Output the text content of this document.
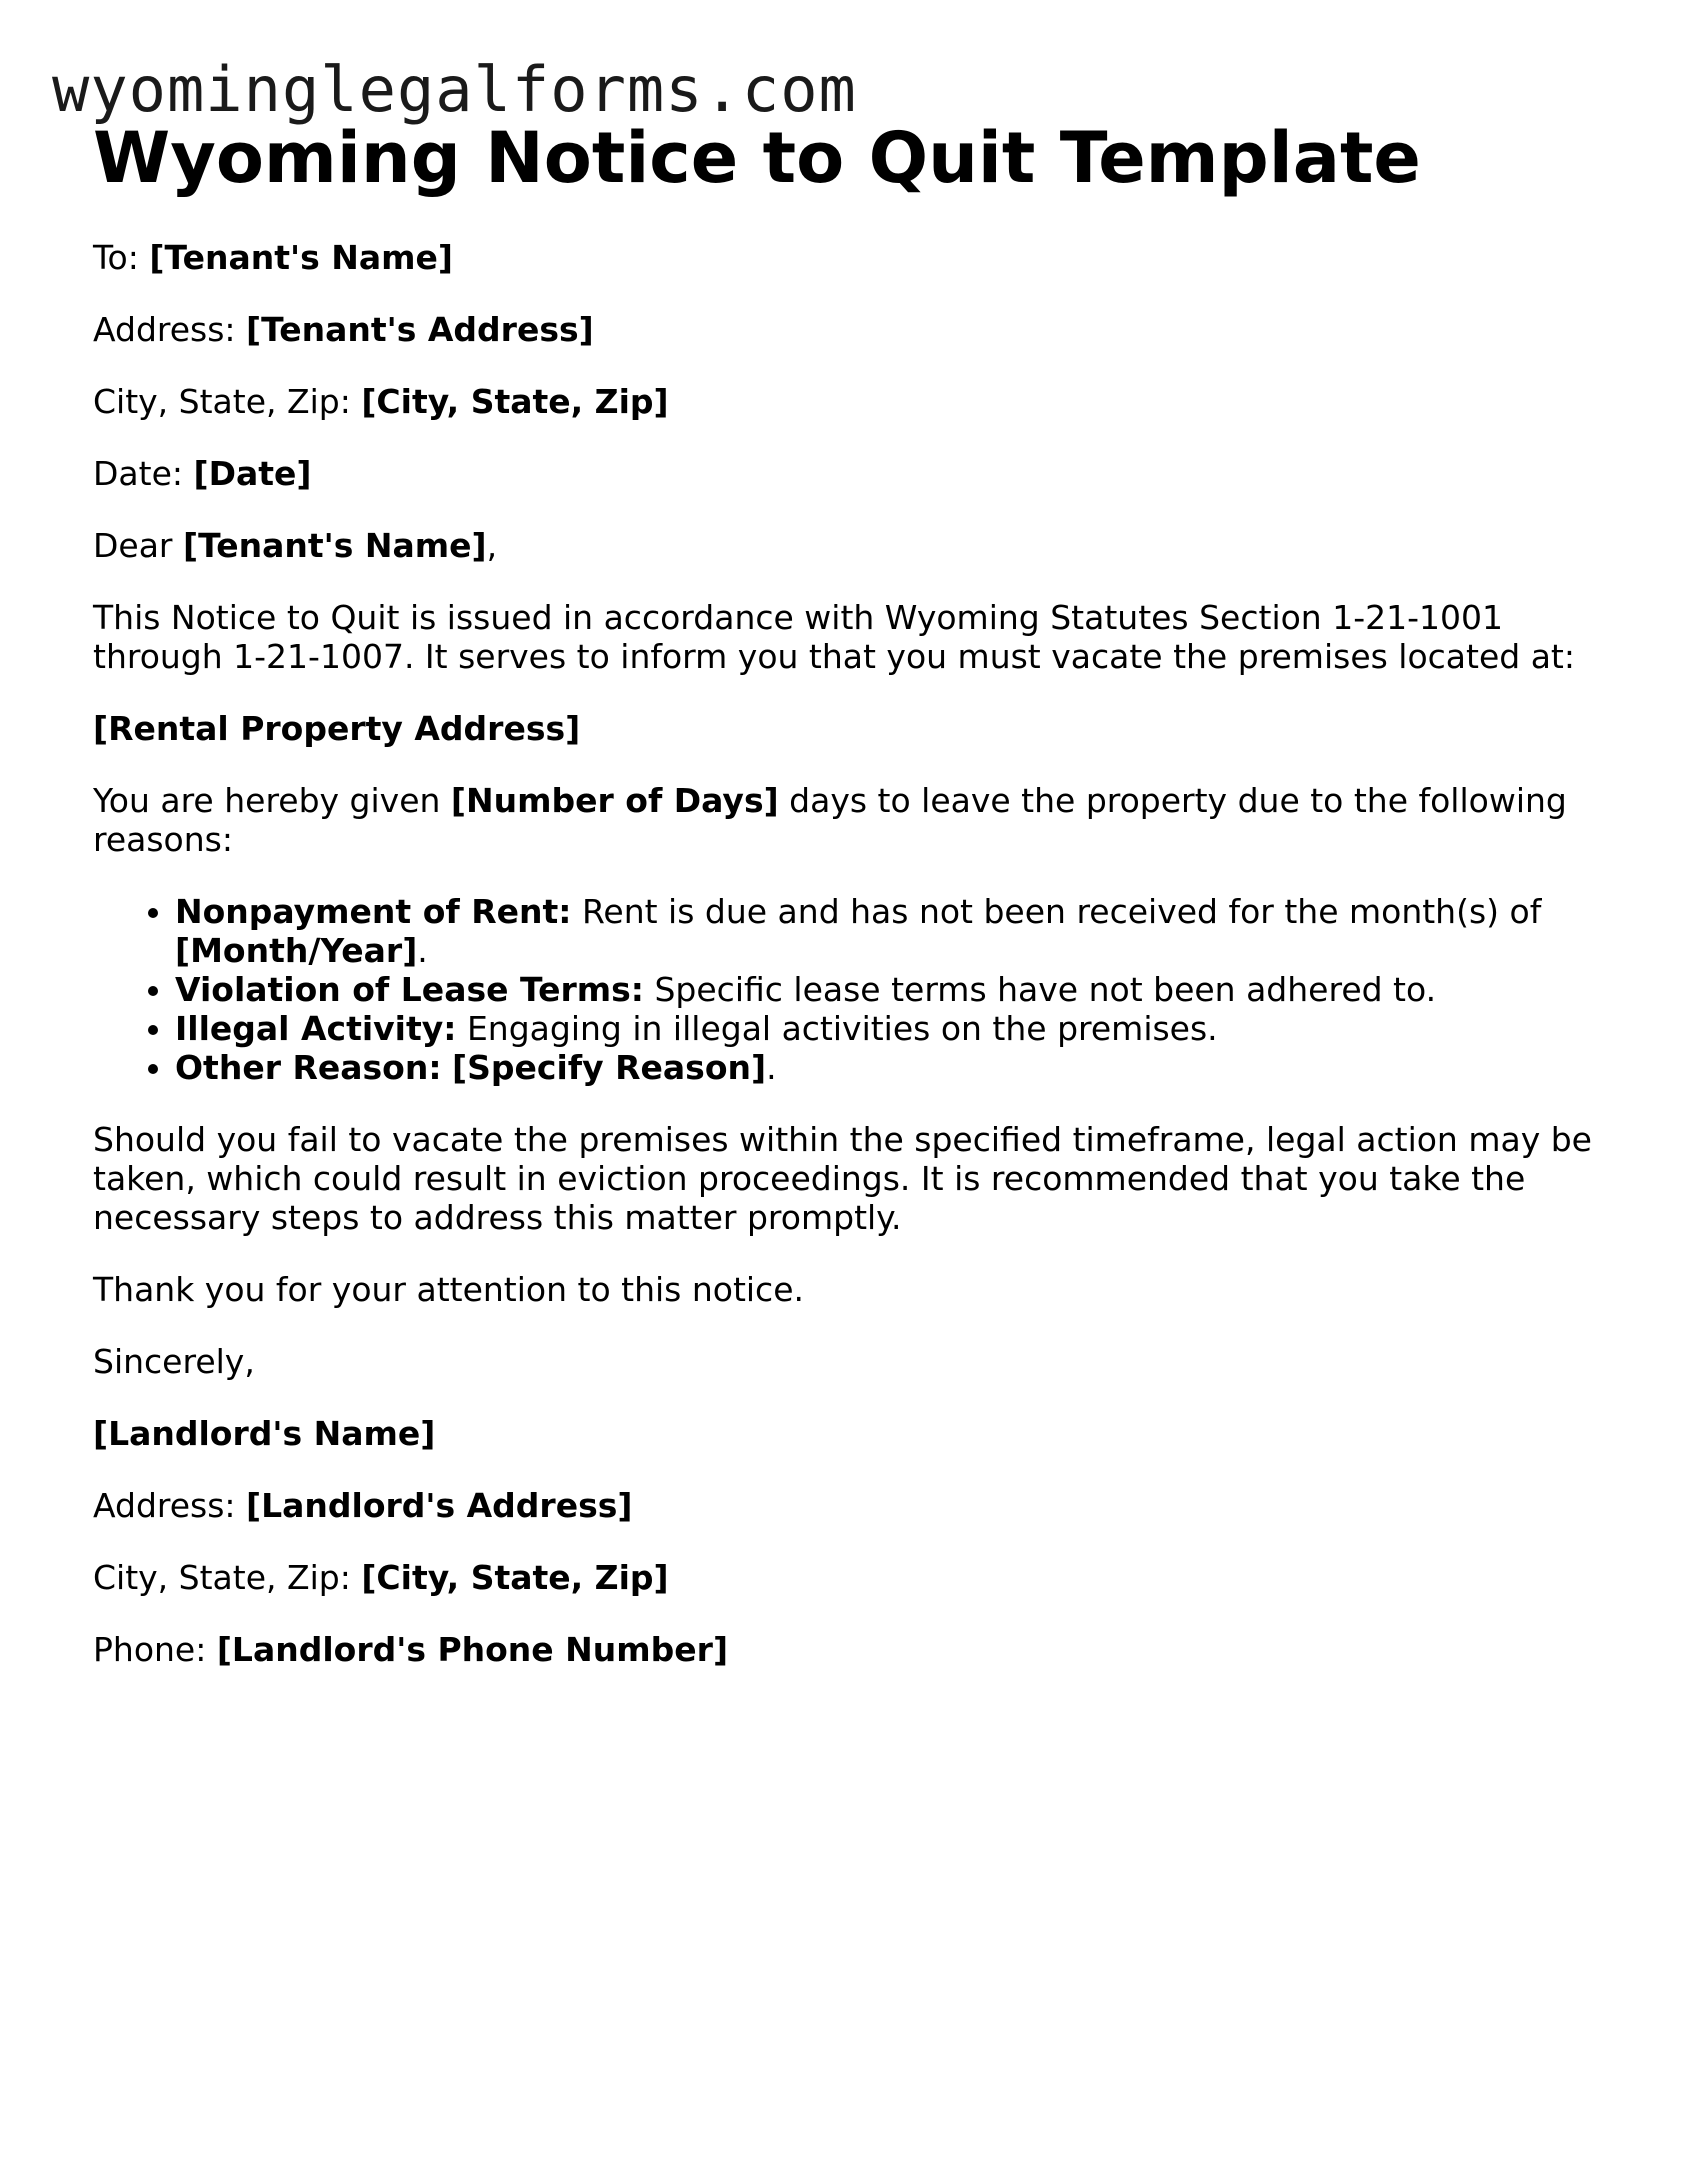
wyominglegalforms.com
Wyoming Notice to Quit Template

To: [Tenant's Name]

Address: [Tenant's Address]

City, State, Zip: [City, State, Zip]

Date: [Date]

Dear [Tenant's Name],

This Notice to Quit is issued in accordance with Wyoming Statutes Section 1-21-1001 through 1-21-1007. It serves to inform you that you must vacate the premises located at:

[Rental Property Address]

You are hereby given [Number of Days] days to leave the property due to the following reasons:

• Nonpayment of Rent: Rent is due and has not been received for the month(s) of [Month/Year].
• Violation of Lease Terms: Specific lease terms have not been adhered to.
• Illegal Activity: Engaging in illegal activities on the premises.
• Other Reason: [Specify Reason].

Should you fail to vacate the premises within the specified timeframe, legal action may be taken, which could result in eviction proceedings. It is recommended that you take the necessary steps to address this matter promptly.

Thank you for your attention to this notice.

Sincerely,

[Landlord's Name]

Address: [Landlord's Address]

City, State, Zip: [City, State, Zip]

Phone: [Landlord's Phone Number]
